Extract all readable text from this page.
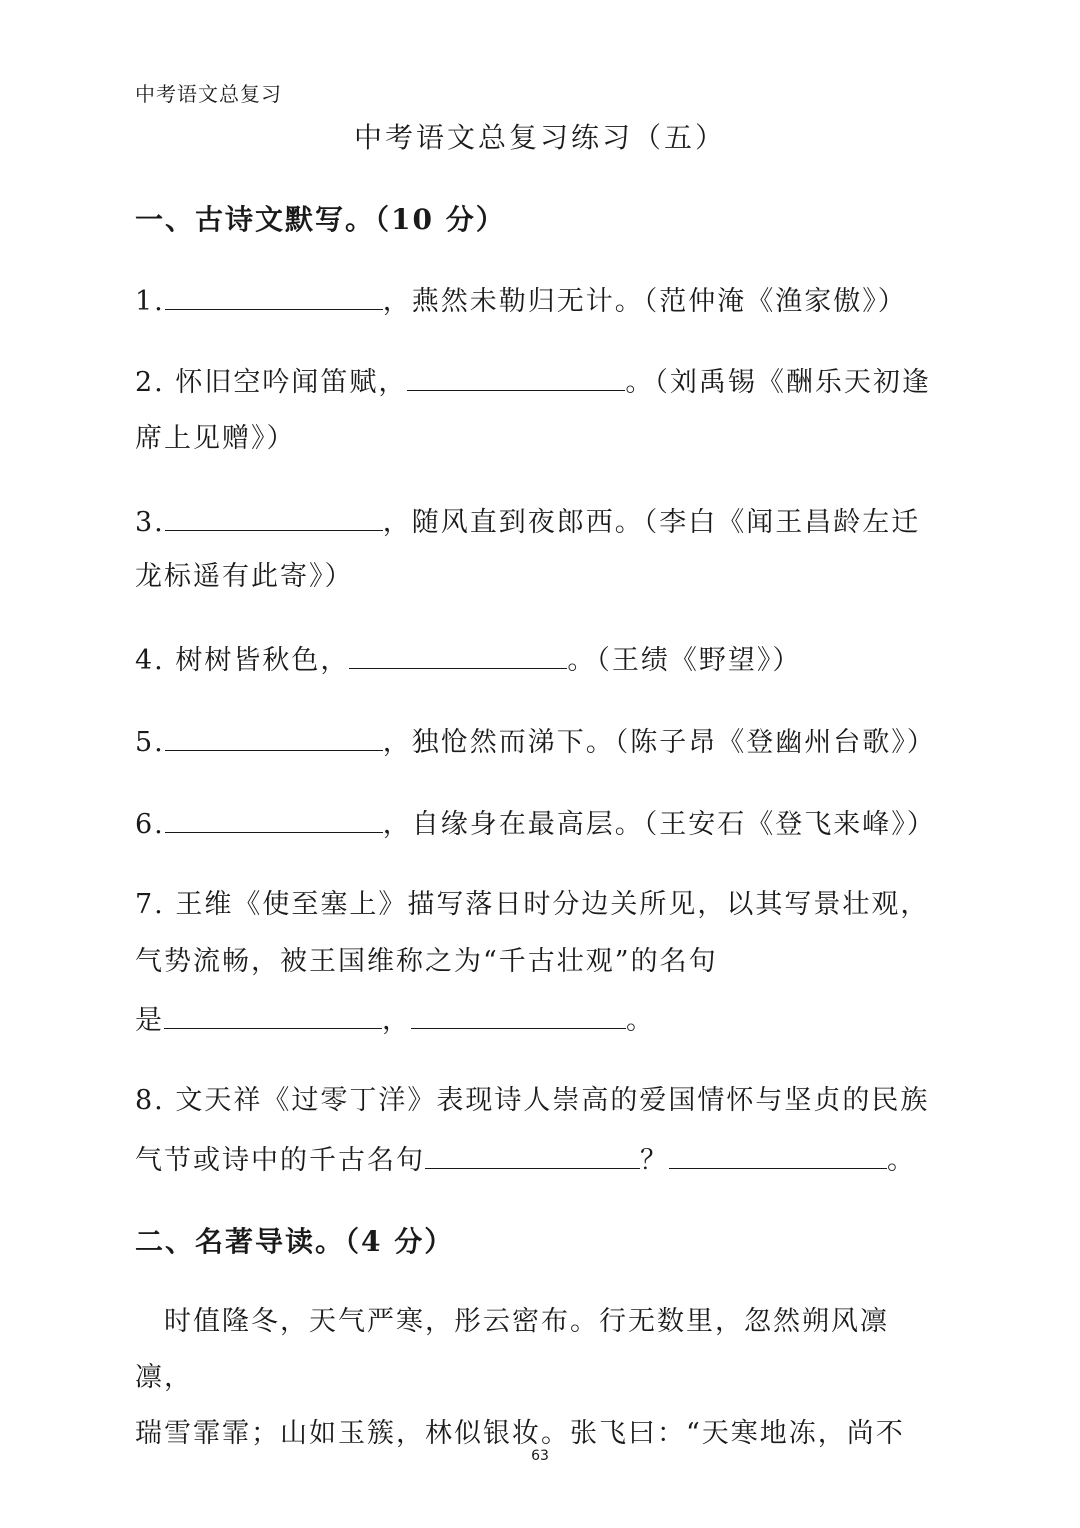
中考语文总复习
中考语文总复习练习（五）
一、古诗文默写。（10 分）
1.	，燕然未勒归无计。（范仲淹《渔家傲》）
2. 怀旧空吟闻笛赋，	。（刘禹锡《酬乐天初逢
席上见赠》）
3.	，随风直到夜郎西。（李白《闻王昌龄左迁
龙标遥有此寄》）
4. 树树皆秋色，	。（王绩《野望》）
5.	，独怆然而涕下。（陈子昂《登幽州台歌》）
6.	，自缘身在最高层。（王安石《登飞来峰》）
7. 王维《使至塞上》描写落日时分边关所见，以其写景壮观，
气势流畅，被王国维称之为“千古壮观”的名句
是	，	。
8. 文天祥《过零丁洋》表现诗人崇高的爱国情怀与坚贞的民族
气节或诗中的千古名句	？	。
二、名著导读。（4 分）
　时值隆冬，天气严寒，彤云密布。行无数里，忽然朔风凛凛，
瑞雪霏霏；山如玉簇，林似银妆。张飞曰：“天寒地冻，尚不
63
